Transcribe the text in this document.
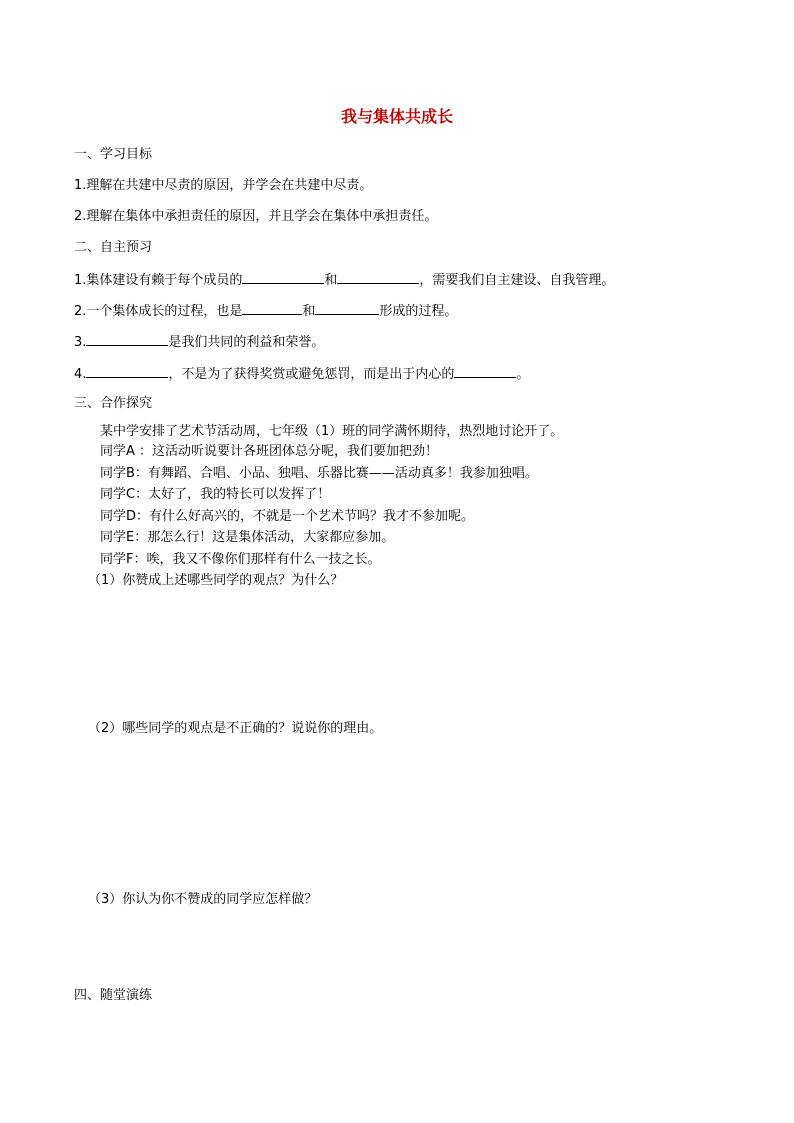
我与集体共成长
一、学习目标
1.理解在共建中尽责的原因，并学会在共建中尽责。
2.理解在集体中承担责任的原因，并且学会在集体中承担责任。
二、自主预习
1.集体建设有赖于每个成员的	和	，需要我们自主建设、自我管理。
2.一个集体成长的过程，也是	和	形成的过程。
3.	是我们共同的利益和荣誉。
4.	，不是为了获得奖赏或避免惩罚，而是出于内心的	。
三、合作探究
某中学安排了艺术节活动周，七年级（1）班的同学满怀期待，热烈地讨论开了。
同学A ：这活动听说要计各班团体总分呢，我们要加把劲！
同学B：有舞蹈、合唱、小品、独唱、乐器比赛——活动真多！我参加独唱。
同学C：太好了，我的特长可以发挥了！
同学D：有什么好高兴的，不就是一个艺术节吗？我才不参加呢。
同学E：那怎么行！这是集体活动，大家都应参加。
同学F：唉，我又不像你们那样有什么一技之长。
（1）你赞成上述哪些同学的观点？为什么？
（2）哪些同学的观点是不正确的？说说你的理由。
（3）你认为你不赞成的同学应怎样做？
四、随堂演练
